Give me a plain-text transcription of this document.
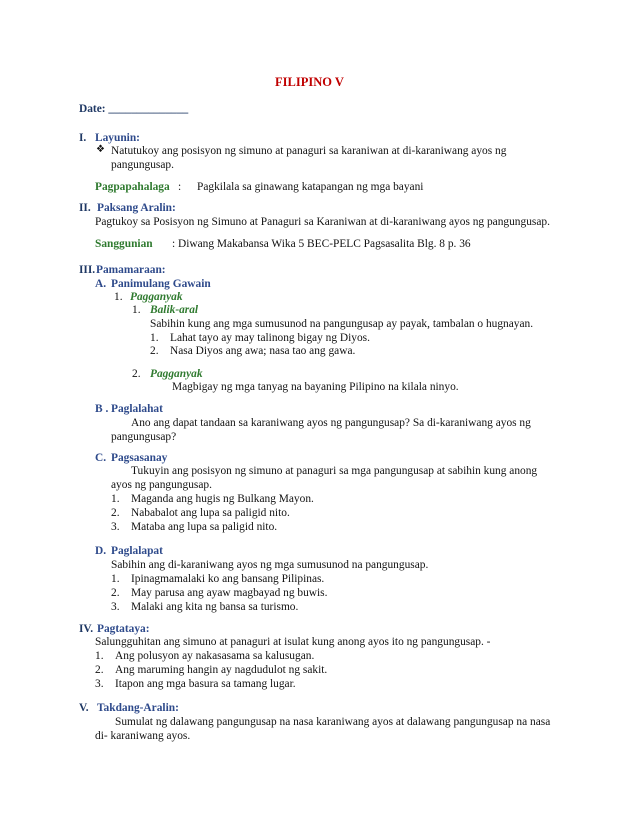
FILIPINO V
Date: ______________
I. Layunin:
❖ Natutukoy ang posisyon ng simuno at panaguri sa karaniwan at di-karaniwang ayos ng
pangungusap.
Pagpapahalaga : Pagkilala sa ginawang katapangan ng mga bayani
II. Paksang Aralin:
Pagtukoy sa Posisyon ng Simuno at Panaguri sa Karaniwan at di-karaniwang ayos ng pangungusap.
Sanggunian : Diwang Makabansa Wika 5 BEC-PELC Pagsasalita Blg. 8 p. 36
III. Pamamaraan:
A. Panimulang Gawain
1. Pagganyak
1. Balik-aral
Sabihin kung ang mga sumusunod na pangungusap ay payak, tambalan o hugnayan.
1. Lahat tayo ay may talinong bigay ng Diyos.
2. Nasa Diyos ang awa; nasa tao ang gawa.
2. Pagganyak
Magbigay ng mga tanyag na bayaning Pilipino na kilala ninyo.
B . Paglalahat
Ano ang dapat tandaan sa karaniwang ayos ng pangungusap? Sa di-karaniwang ayos ng
pangungusap?
C. Pagsasanay
Tukuyin ang posisyon ng simuno at panaguri sa mga pangungusap at sabihin kung anong
ayos ng pangungusap.
1. Maganda ang hugis ng Bulkang Mayon.
2. Nababalot ang lupa sa paligid nito.
3. Mataba ang lupa sa paligid nito.
D. Paglalapat
Sabihin ang di-karaniwang ayos ng mga sumusunod na pangungusap.
1. Ipinagmamalaki ko ang bansang Pilipinas.
2. May parusa ang ayaw magbayad ng buwis.
3. Malaki ang kita ng bansa sa turismo.
IV. Pagtataya:
Salungguhitan ang simuno at panaguri at isulat kung anong ayos ito ng pangungusap. -
1. Ang polusyon ay nakasasama sa kalusugan.
2. Ang maruming hangin ay nagdudulot ng sakit.
3. Itapon ang mga basura sa tamang lugar.
V. Takdang-Aralin:
Sumulat ng dalawang pangungusap na nasa karaniwang ayos at dalawang pangungusap na nasa
di- karaniwang ayos.
